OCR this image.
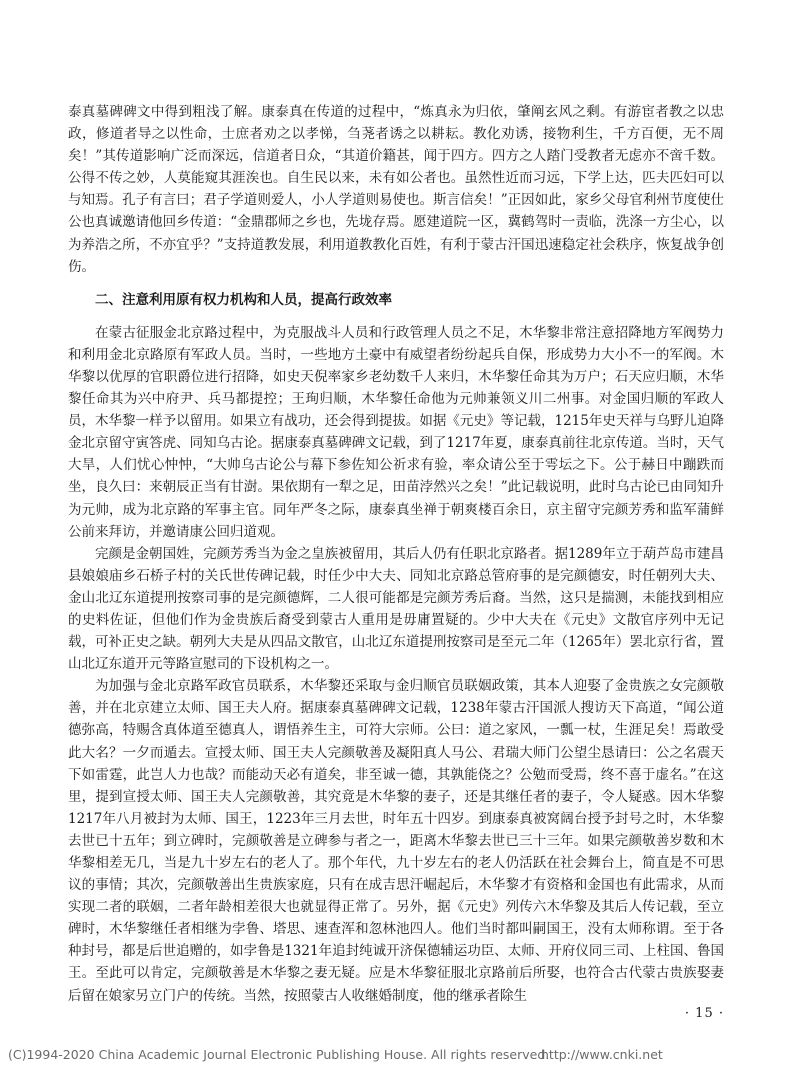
泰真墓碑碑文中得到粗浅了解。康泰真在传道的过程中，“炼真永为归依，肇阐玄风之剩。有游宦者教之以忠政，修道者导之以性命，士庶者劝之以孝悌，刍荛者诱之以耕耘。教化劝诱，接物利生，千方百便，无不周矣！”其传道影响广泛而深远，信道者日众，“其道价籍甚，闻于四方。四方之人踏门受教者无虑亦不啻千数。公得不传之妙，人莫能窥其涯涘也。自生民以来，未有如公者也。虽然性近而习远，下学上达，匹夫匹妇可以与知焉。孔子有言曰；君子学道则爱人，小人学道则易使也。斯言信矣！”正因如此，家乡父母官利州节度使仕公也真诚邀请他回乡传道：“金鼎郡师之乡也，先垅存焉。愿建道院一区，冀鹤驾时一责临，洗涤一方尘心，以为养浩之所，不亦宜乎？”支持道教发展，利用道教教化百姓，有利于蒙古汗国迅速稳定社会秩序，恢复战争创伤。

二、注意利用原有权力机构和人员，提高行政效率

在蒙古征服金北京路过程中，为克服战斗人员和行政管理人员之不足，木华黎非常注意招降地方军阀势力和利用金北京路原有军政人员。当时，一些地方土豪中有威望者纷纷起兵自保，形成势力大小不一的军阀。木华黎以优厚的官职爵位进行招降，如史天倪率家乡老幼数千人来归，木华黎任命其为万户；石天应归顺，木华黎任命其为兴中府尹、兵马都提控；王珣归顺，木华黎任命他为元帅兼领义川二州事。对金国归顺的军政人员，木华黎一样予以留用。如果立有战功，还会得到提拔。如据《元史》等记载，1215年史天祥与乌野儿迫降金北京留守寅答虎、同知乌古论。据康泰真墓碑碑文记载，到了1217年夏，康泰真前往北京传道。当时，天气大旱，人们忧心忡忡，“大帅乌古论公与幕下参佐知公祈求有验，率众请公至于雩坛之下。公于赫日中蹦跌而坐，良久曰：来朝辰正当有甘澍。果依期有一犁之足，田苗浡然兴之矣！”此记载说明，此时乌古论已由同知升为元帅，成为北京路的军事主官。同年严冬之际，康泰真坐禅于朝爽楼百余日，京主留守完颜芳秀和监军蒲鲜公前来拜访，并邀请康公回归道观。

完颜是金朝国姓，完颜芳秀当为金之皇族被留用，其后人仍有任职北京路者。据1289年立于葫芦岛市建昌县娘娘庙乡石桥子村的关氏世传碑记载，时任少中大夫、同知北京路总管府事的是完颜德安，时任朝列大夫、金山北辽东道提刑按察司事的是完颜德辉，二人很可能都是完颜芳秀后裔。当然，这只是揣测，未能找到相应的史料佐证，但他们作为金贵族后裔受到蒙古人重用是毋庸置疑的。少中大夫在《元史》文散官序列中无记载，可补正史之缺。朝列大夫是从四品文散官，山北辽东道提刑按察司是至元二年（1265年）罢北京行省，置山北辽东道开元等路宣慰司的下设机构之一。

为加强与金北京路军政官员联系，木华黎还采取与金归顺官员联姻政策，其本人迎娶了金贵族之女完颜敬善，并在北京建立太师、国王夫人府。据康泰真墓碑碑文记载，1238年蒙古汗国派人搜访天下高道，“闻公道德弥高，特赐含真体道至德真人，谓悟养生主，可符大宗师。公曰：道之家风，一瓢一杖，生涯足矣！焉敢受此大名？一夕而遁去。宣授太师、国王夫人完颜敬善及凝阳真人马公、君瑞大师门公望尘恳请曰：公之名震天下如雷霆，此岂人力也哉？而能动天必有道矣，非至诚一德，其孰能侥之？公勉而受焉，终不喜于虚名。”在这里，提到宣授太师、国王夫人完颜敬善，其究竟是木华黎的妻子，还是其继任者的妻子，令人疑惑。因木华黎1217年八月被封为太师、国王，1223年三月去世，时年五十四岁。到康泰真被窝阔台授予封号之时，木华黎去世已十五年；到立碑时，完颜敬善是立碑参与者之一，距离木华黎去世已三十三年。如果完颜敬善岁数和木华黎相差无几，当是九十岁左右的老人了。那个年代，九十岁左右的老人仍活跃在社会舞台上，简直是不可思议的事情；其次，完颜敬善出生贵族家庭，只有在成吉思汗崛起后，木华黎才有资格和金国也有此需求，从而实现二者的联姻，二者年龄相差很大也就显得正常了。另外，据《元史》列传六木华黎及其后人传记载，至立碑时，木华黎继任者相继为孛鲁、塔思、速查浑和忽林池四人。他们当时都叫嗣国王，没有太师称谓。至于各种封号，都是后世追赠的，如孛鲁是1321年追封纯诚开济保德辅运功臣、太师、开府仪同三司、上柱国、鲁国王。至此可以肯定，完颜敬善是木华黎之妻无疑。应是木华黎征服北京路前后所娶，也符合古代蒙古贵族娶妻后留在娘家另立门户的传统。当然，按照蒙古人收继婚制度，他的继承者除生

· 15 ·
(C)1994-2020 China Academic Journal Electronic Publishing House. All rights reserved.
http://www.cnki.net
